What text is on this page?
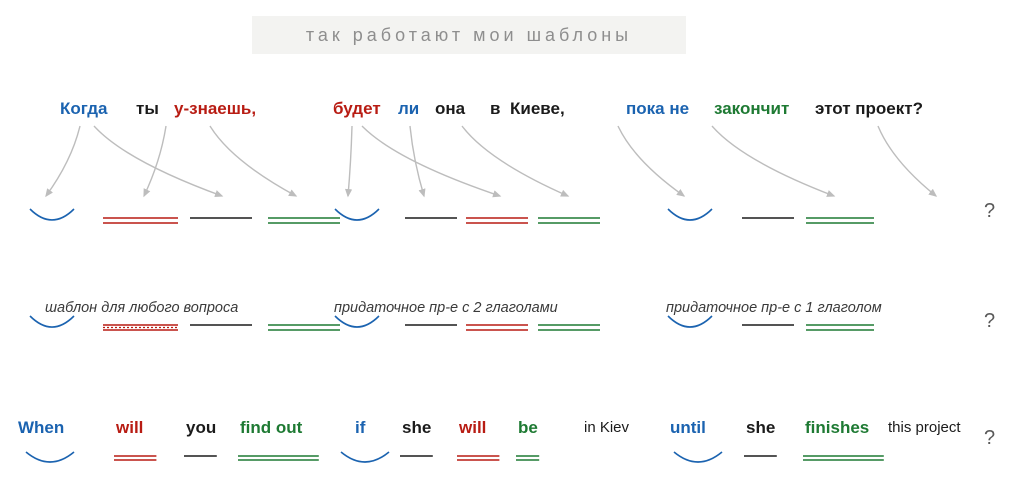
так работают мои шаблоны
Когда ты у-знаешь,	будет ли она в Киеве,	пока не закончит этот проект?
шаблон для любого вопроса	придаточное пр-е с 2 глаголами	придаточное пр-е с 1 глаголом
?
?
?
When	will	you find out	if she will be	in Kiev until she finishes this project
